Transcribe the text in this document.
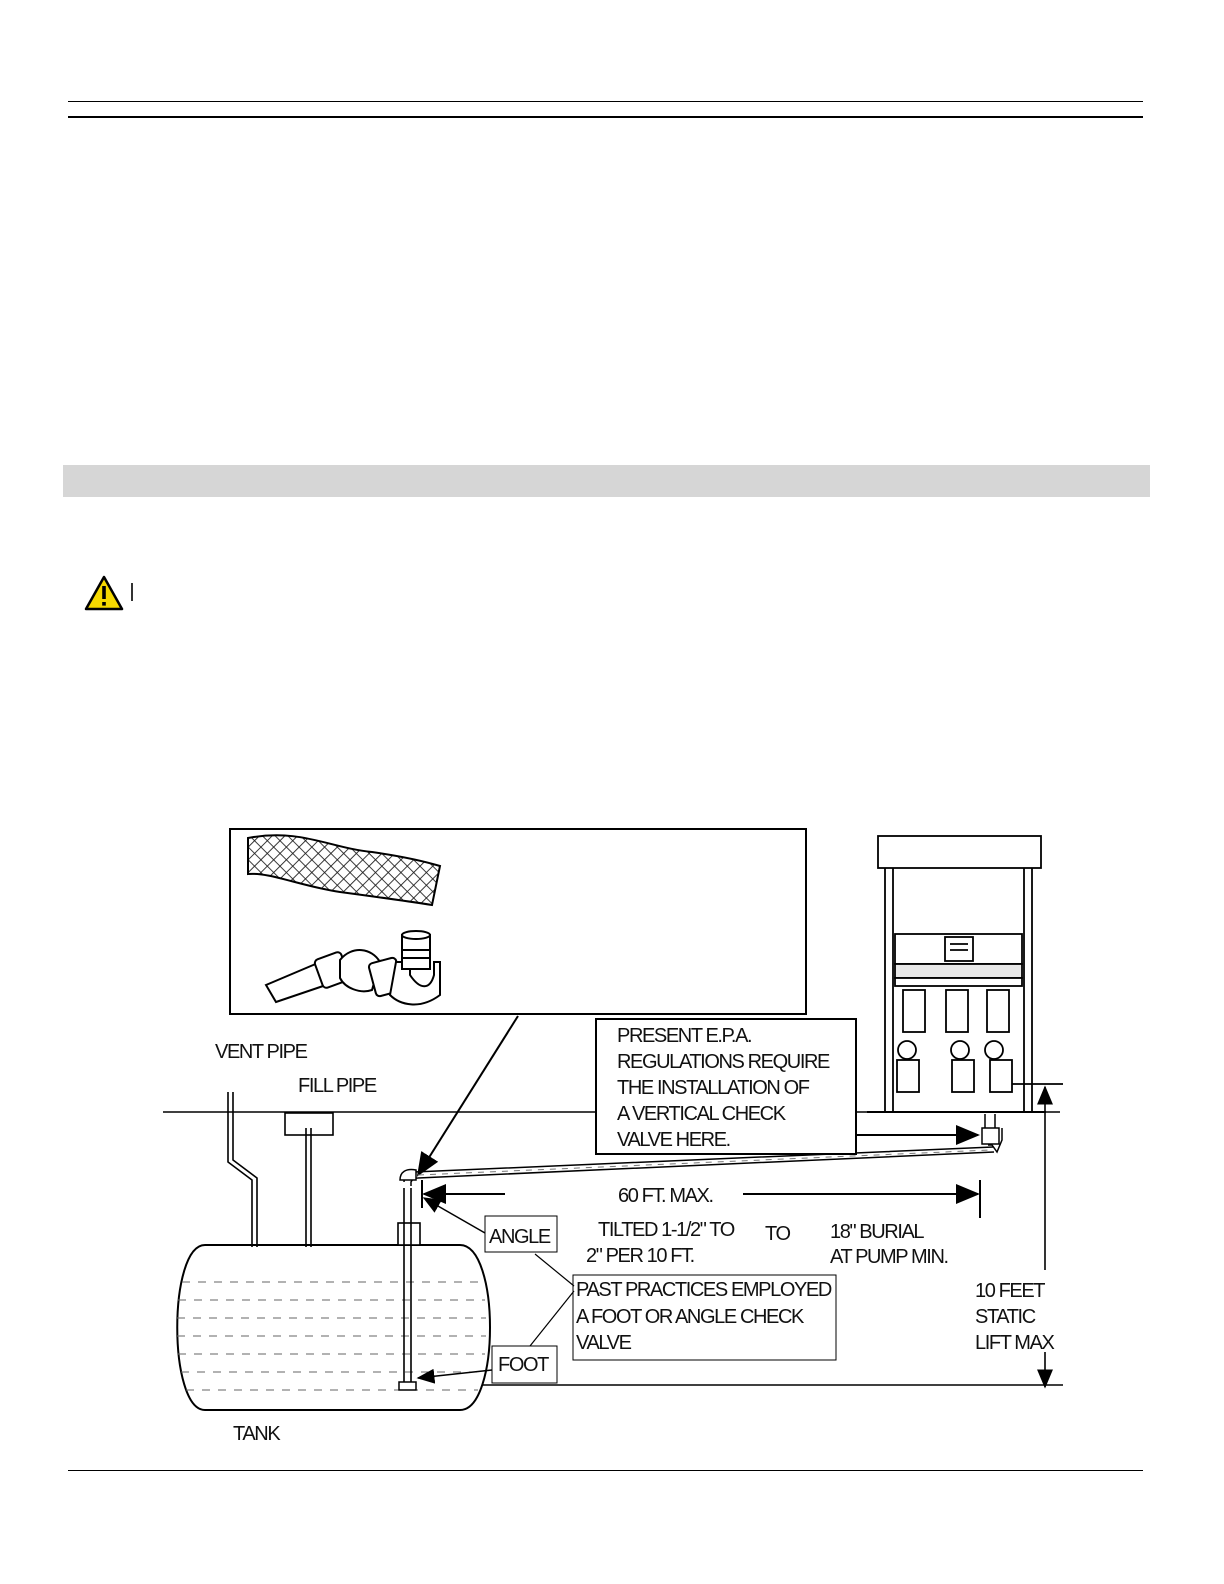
VENT PIPE
FILL PIPE
TANK
PRESENT E.P.A.
REGULATIONS REQUIRE
THE INSTALLATION OF
A VERTICAL CHECK
VALVE HERE.
60 FT. MAX.
ANGLE
FOOT
TILTED 1-1/2" TO
2" PER 10 FT.
TO 18" BURIAL
AT PUMP MIN.
PAST PRACTICES EMPLOYED
A FOOT OR ANGLE CHECK
VALVE
10 FEET
STATIC
LIFT MAX
